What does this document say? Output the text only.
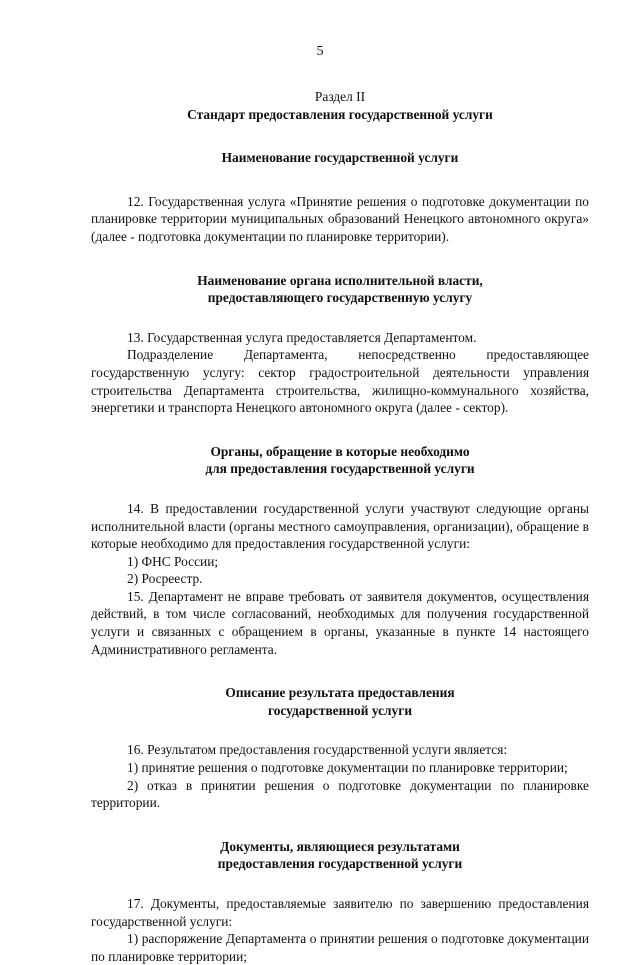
5
Раздел II
Стандарт предоставления государственной услуги
Наименование государственной услуги

12. Государственная услуга «Принятие решения о подготовке документации по планировке территории муниципальных образований Ненецкого автономного округа» (далее - подготовка документации по планировке территории).

Наименование органа исполнительной власти,
предоставляющего государственную услугу

13. Государственная услуга предоставляется Департаментом.

Подразделение Департамента, непосредственно предоставляющее государственную услугу: сектор градостроительной деятельности управления строительства Департамента строительства, жилищно-коммунального хозяйства, энергетики и транспорта Ненецкого автономного округа (далее - сектор).

Органы, обращение в которые необходимо
для предоставления государственной услуги

14. В предоставлении государственной услуги участвуют следующие органы исполнительной власти (органы местного самоуправления, организации), обращение в которые необходимо для предоставления государственной услуги:

1) ФНС России;

2) Росреестр.

15. Департамент не вправе требовать от заявителя документов, осуществления действий, в том числе согласований, необходимых для получения государственной услуги и связанных с обращением в органы, указанные в пункте 14 настоящего Административного регламента.

Описание результата предоставления
государственной услуги

16. Результатом предоставления государственной услуги является:

1) принятие решения о подготовке документации по планировке территории;

2) отказ в принятии решения о подготовке документации по планировке территории.

Документы, являющиеся результатами
предоставления государственной услуги

17. Документы, предоставляемые заявителю по завершению предоставления государственной услуги:

1) распоряжение Департамента о принятии решения о подготовке документации по планировке территории;
